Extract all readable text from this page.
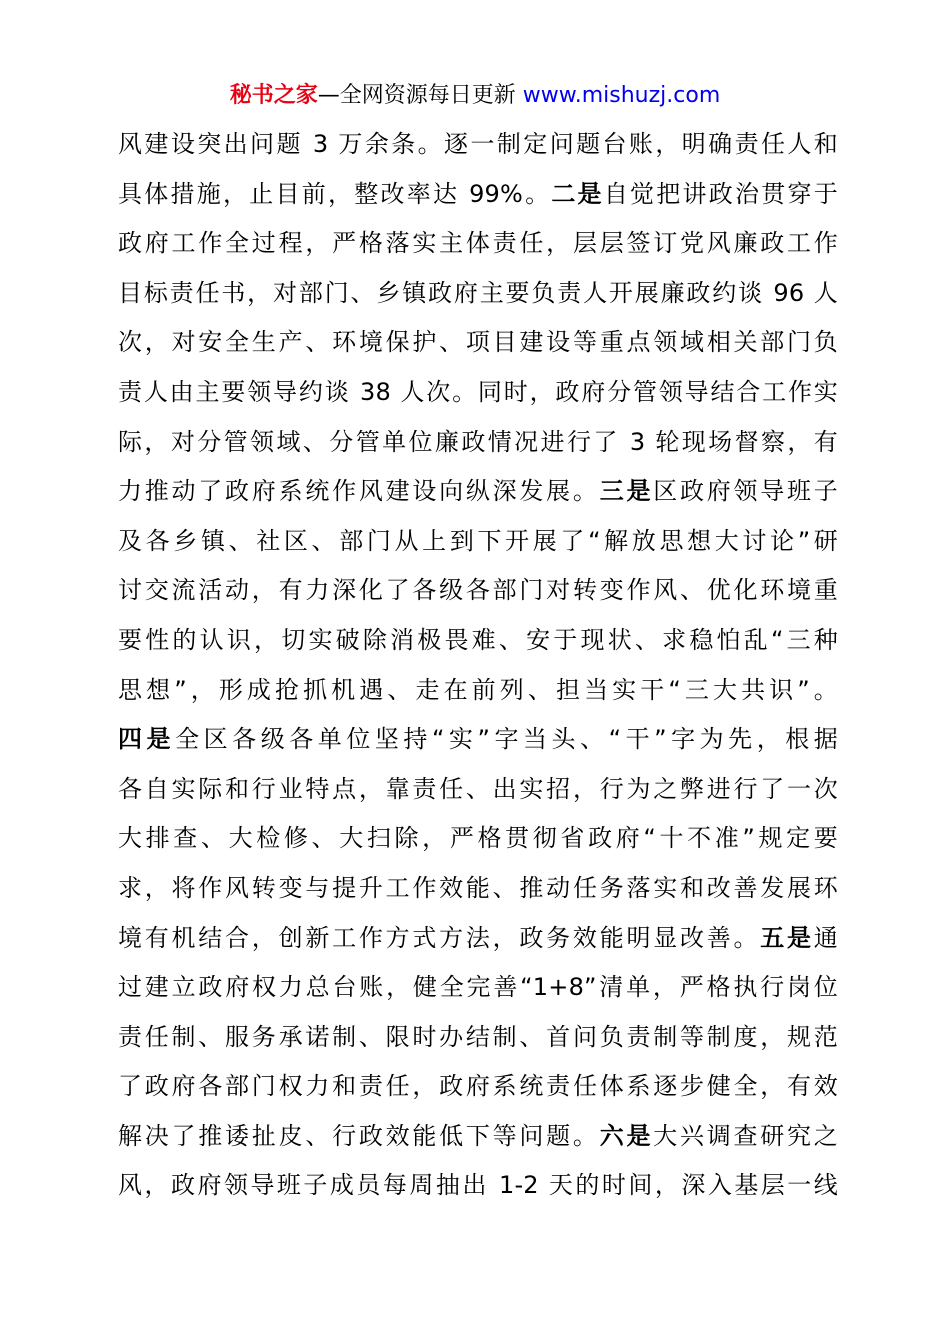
秘书之家—全网资源每日更新 www.mishuzj.com
风建设突出问题 3 万余条。逐一制定问题台账，明确责任人和
具体措施，止目前，整改率达 99%。二是自觉把讲政治贯穿于
政府工作全过程，严格落实主体责任，层层签订党风廉政工作
目标责任书，对部门、乡镇政府主要负责人开展廉政约谈 96 人
次，对安全生产、环境保护、项目建设等重点领域相关部门负
责人由主要领导约谈 38 人次。同时，政府分管领导结合工作实
际，对分管领域、分管单位廉政情况进行了 3 轮现场督察，有
力推动了政府系统作风建设向纵深发展。三是区政府领导班子
及各乡镇、社区、部门从上到下开展了“解放思想大讨论”研
讨交流活动，有力深化了各级各部门对转变作风、优化环境重
要性的认识，切实破除消极畏难、安于现状、求稳怕乱“三种
思想”，形成抢抓机遇、走在前列、担当实干“三大共识”。
四是全区各级各单位坚持“实”字当头、“干”字为先，根据
各自实际和行业特点，靠责任、出实招，行为之弊进行了一次
大排查、大检修、大扫除，严格贯彻省政府“十不准”规定要
求，将作风转变与提升工作效能、推动任务落实和改善发展环
境有机结合，创新工作方式方法，政务效能明显改善。五是通
过建立政府权力总台账，健全完善“1+8”清单，严格执行岗位
责任制、服务承诺制、限时办结制、首问负责制等制度，规范
了政府各部门权力和责任，政府系统责任体系逐步健全，有效
解决了推诿扯皮、行政效能低下等问题。六是大兴调查研究之
风，政府领导班子成员每周抽出 1-2 天的时间，深入基层一线
